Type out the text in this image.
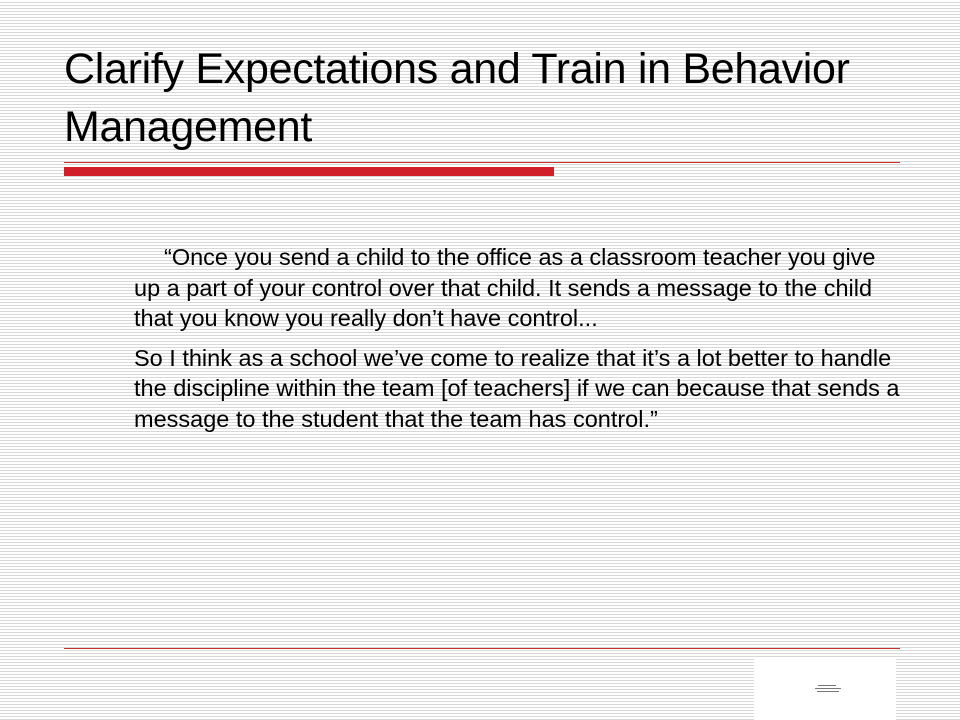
Clarify Expectations and Train in Behavior Management

“Once you send a child to the office as a classroom teacher you give up a part of your control over that child. It sends a message to the child that you know you really don’t have control...

So I think as a school we’ve come to realize that it’s a lot better to handle the discipline within the team [of teachers] if we can because that sends a message to the student that the team has control.”
